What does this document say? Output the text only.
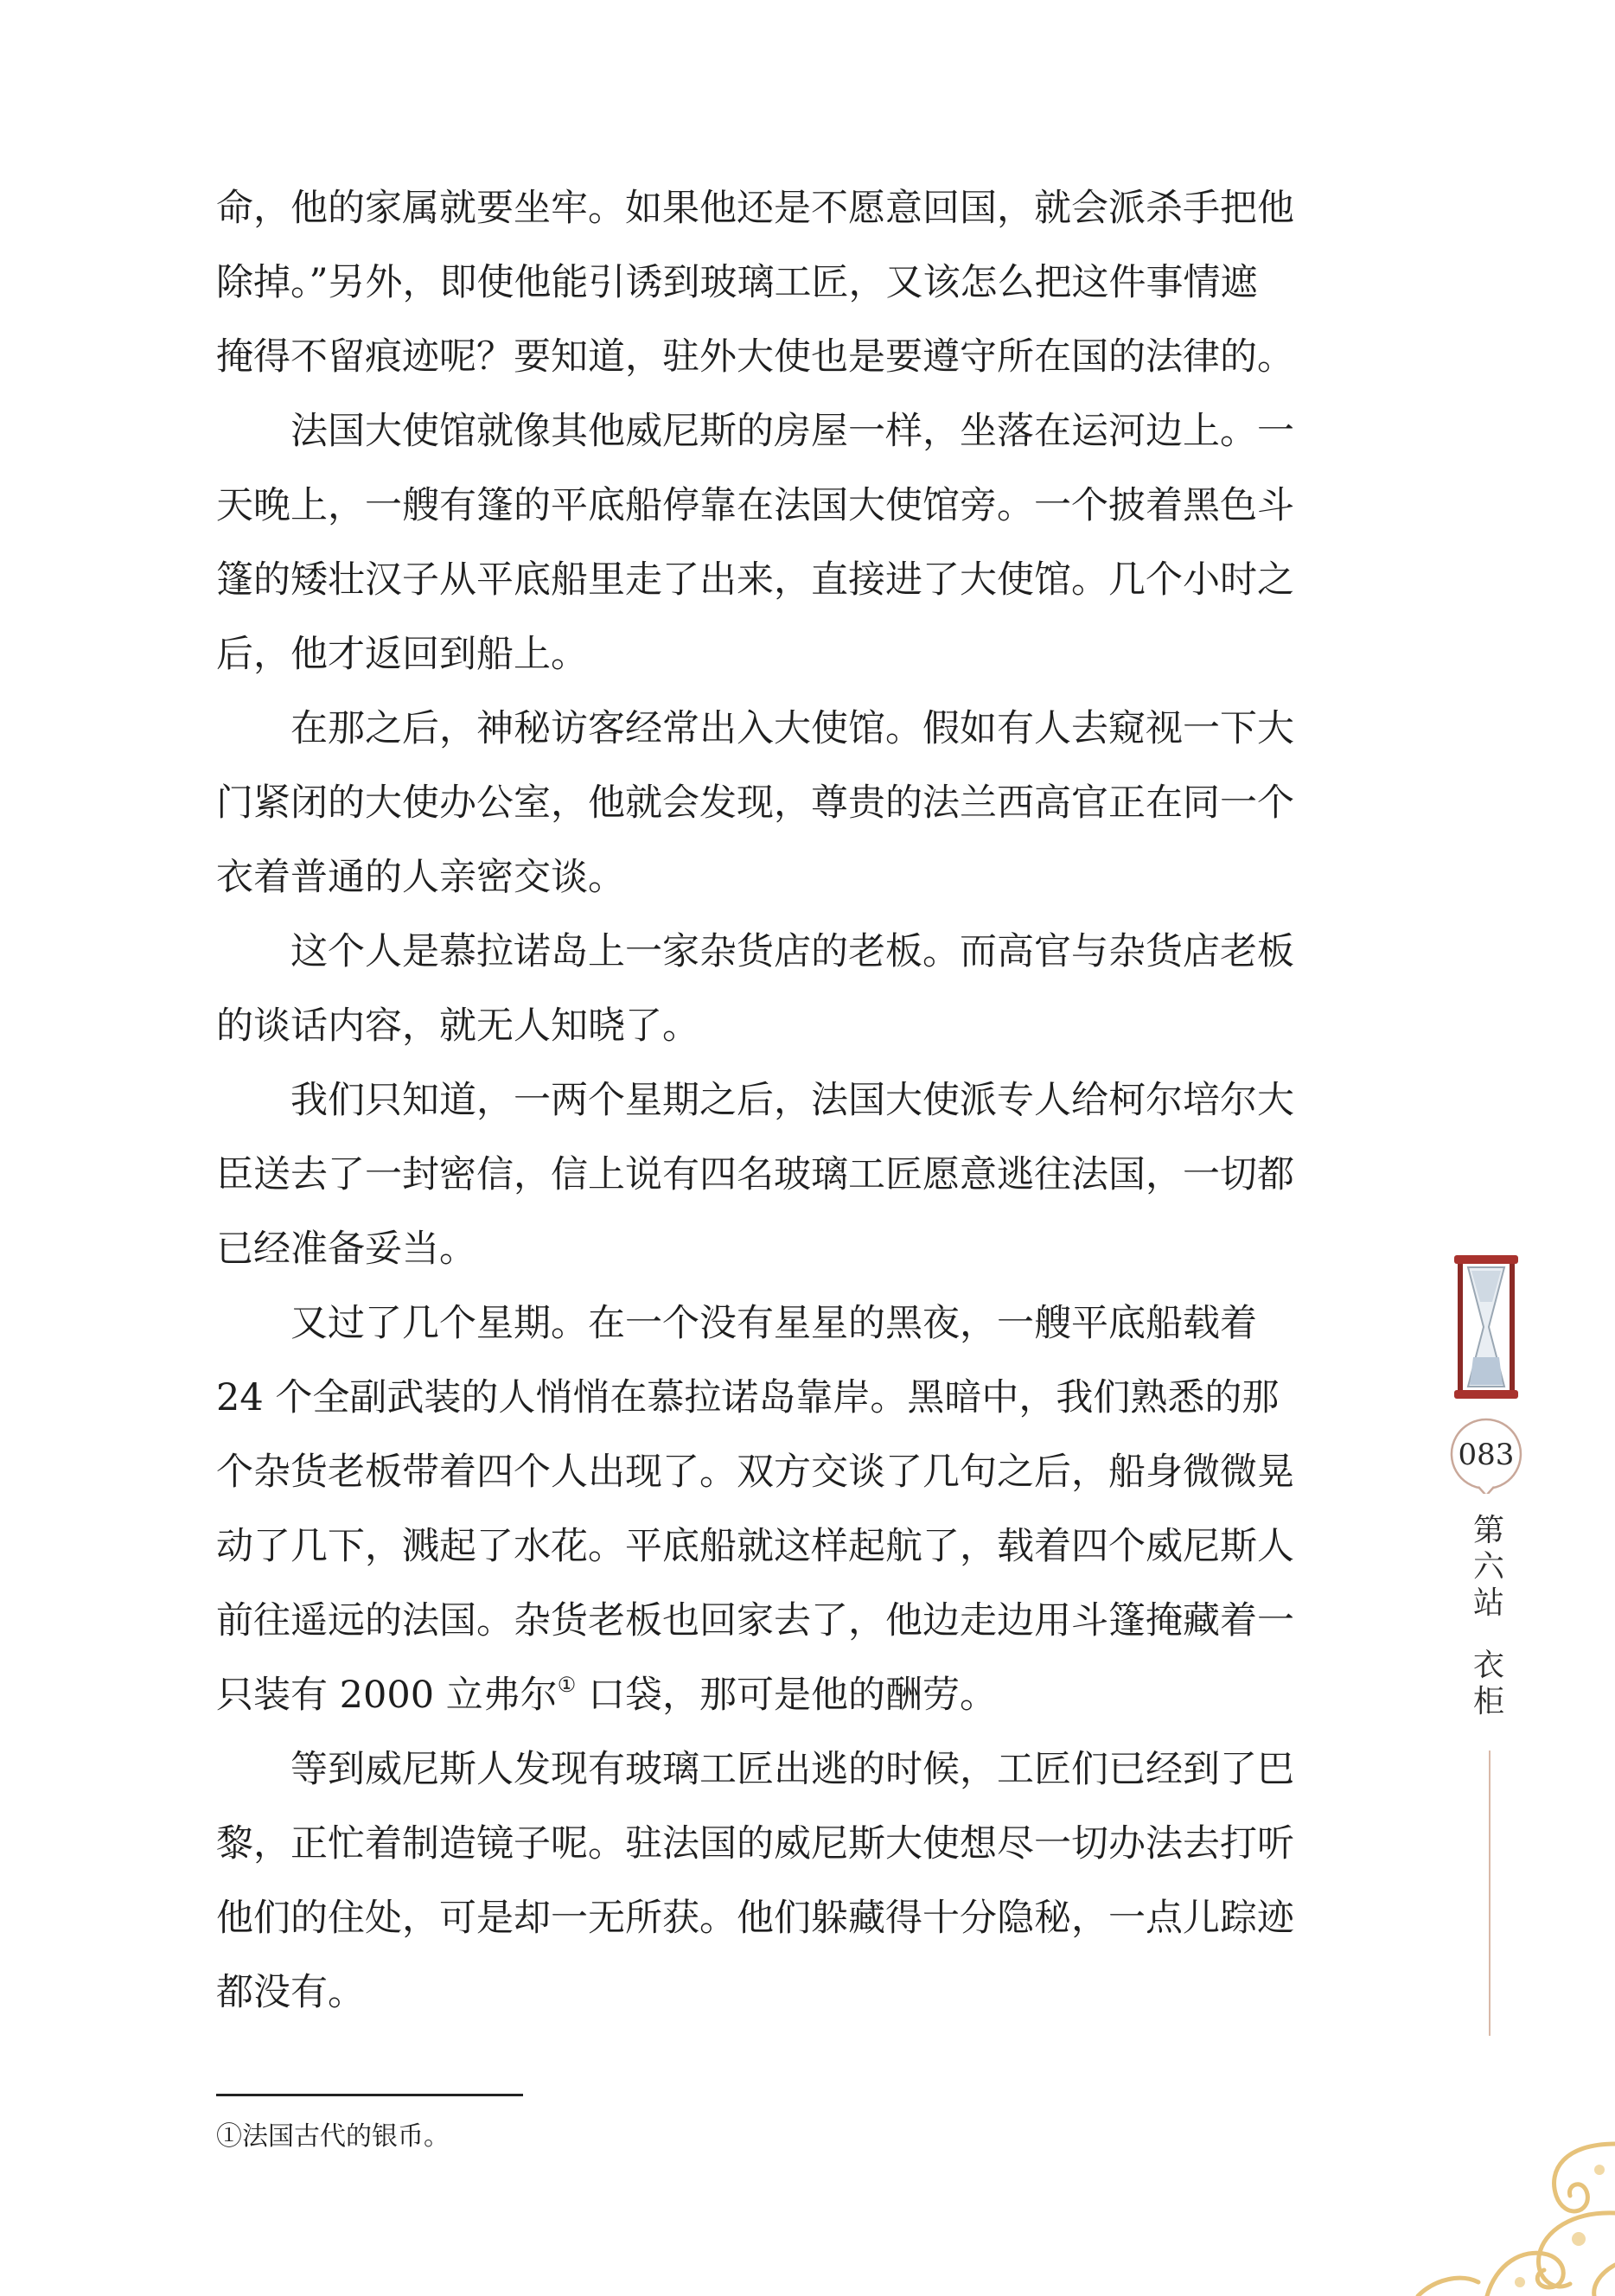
命，他的家属就要坐牢。如果他还是不愿意回国，就会派杀手把他
除掉。”另外，即使他能引诱到玻璃工匠，又该怎么把这件事情遮
掩得不留痕迹呢？要知道，驻外大使也是要遵守所在国的法律的。

法国大使馆就像其他威尼斯的房屋一样，坐落在运河边上。一
天晚上，一艘有篷的平底船停靠在法国大使馆旁。一个披着黑色斗
篷的矮壮汉子从平底船里走了出来，直接进了大使馆。几个小时之
后，他才返回到船上。

在那之后，神秘访客经常出入大使馆。假如有人去窥视一下大
门紧闭的大使办公室，他就会发现，尊贵的法兰西高官正在同一个
衣着普通的人亲密交谈。

这个人是慕拉诺岛上一家杂货店的老板。而高官与杂货店老板
的谈话内容，就无人知晓了。

我们只知道，一两个星期之后，法国大使派专人给柯尔培尔大
臣送去了一封密信，信上说有四名玻璃工匠愿意逃往法国，一切都
已经准备妥当。

又过了几个星期。在一个没有星星的黑夜，一艘平底船载着
24 个全副武装的人悄悄在慕拉诺岛靠岸。黑暗中，我们熟悉的那
个杂货老板带着四个人出现了。双方交谈了几句之后，船身微微晃
动了几下，溅起了水花。平底船就这样起航了，载着四个威尼斯人
前往遥远的法国。杂货老板也回家去了，他边走边用斗篷掩藏着一
只装有 2000 立弗尔① 口袋，那可是他的酬劳。

等到威尼斯人发现有玻璃工匠出逃的时候，工匠们已经到了巴
黎，正忙着制造镜子呢。驻法国的威尼斯大使想尽一切办法去打听
他们的住处，可是却一无所获。他们躲藏得十分隐秘，一点儿踪迹
都没有。

①法国古代的银币。
083
第
六
站
衣
柜
